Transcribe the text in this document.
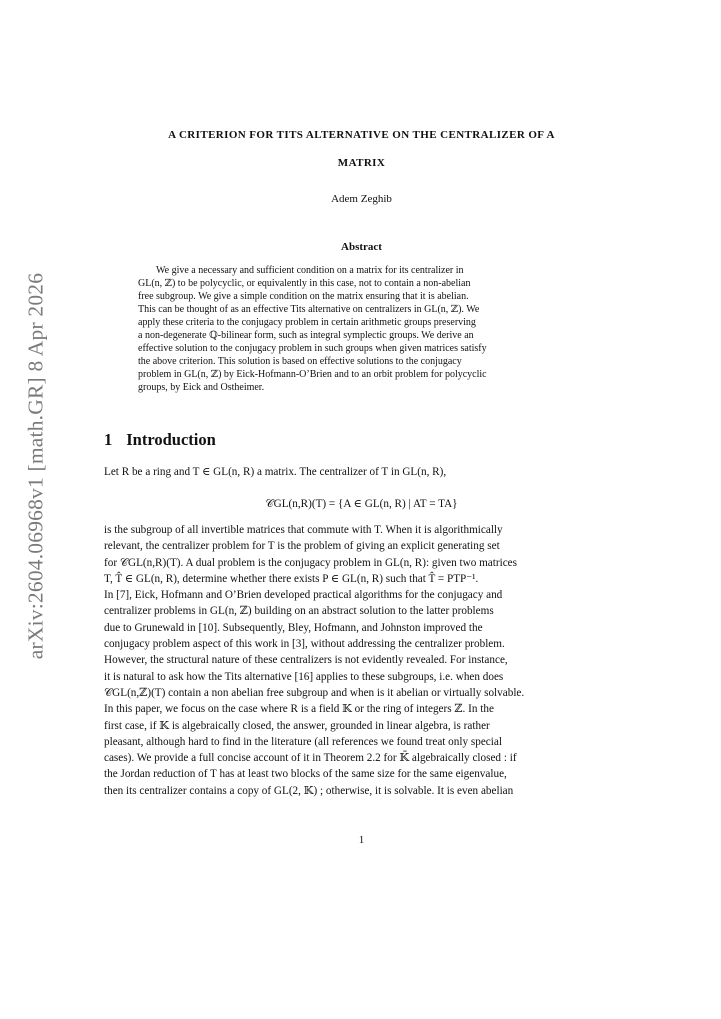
arXiv:2604.06968v1 [math.GR] 8 Apr 2026
A CRITERION FOR TITS ALTERNATIVE ON THE CENTRALIZER OF A
MATRIX
Adem Zeghib
Abstract
We give a necessary and sufficient condition on a matrix for its centralizer in
GL(n, ℤ) to be polycyclic, or equivalently in this case, not to contain a non-abelian
free subgroup. We give a simple condition on the matrix ensuring that it is abelian.
This can be thought of as an effective Tits alternative on centralizers in GL(n, ℤ). We
apply these criteria to the conjugacy problem in certain arithmetic groups preserving
a non-degenerate ℚ-bilinear form, such as integral symplectic groups. We derive an
effective solution to the conjugacy problem in such groups when given matrices satisfy
the above criterion. This solution is based on effective solutions to the conjugacy
problem in GL(n, ℤ) by Eick-Hofmann-O’Brien and to an orbit problem for polycyclic
groups, by Eick and Ostheimer.
1 Introduction
Let R be a ring and T ∈ GL(n, R) a matrix. The centralizer of T in GL(n, R),
𝒞GL(n,R)(T) = {A ∈ GL(n, R) | AT = TA}
is the subgroup of all invertible matrices that commute with T. When it is algorithmically
relevant, the centralizer problem for T is the problem of giving an explicit generating set
for 𝒞GL(n,R)(T). A dual problem is the conjugacy problem in GL(n, R): given two matrices
T, T̂ ∈ GL(n, R), determine whether there exists P ∈ GL(n, R) such that T̂ = PTP⁻¹.
In [7], Eick, Hofmann and O’Brien developed practical algorithms for the conjugacy and
centralizer problems in GL(n, ℤ) building on an abstract solution to the latter problems
due to Grunewald in [10]. Subsequently, Bley, Hofmann, and Johnston improved the
conjugacy problem aspect of this work in [3], without addressing the centralizer problem.
However, the structural nature of these centralizers is not evidently revealed. For instance,
it is natural to ask how the Tits alternative [16] applies to these subgroups, i.e. when does
𝒞GL(n,ℤ)(T) contain a non abelian free subgroup and when is it abelian or virtually solvable.
In this paper, we focus on the case where R is a field 𝕂 or the ring of integers ℤ. In the
first case, if 𝕂 is algebraically closed, the answer, grounded in linear algebra, is rather
pleasant, although hard to find in the literature (all references we found treat only special
cases). We provide a full concise account of it in Theorem 2.2 for 𝕂̄ algebraically closed : if
the Jordan reduction of T has at least two blocks of the same size for the same eigenvalue,
then its centralizer contains a copy of GL(2, 𝕂) ; otherwise, it is solvable. It is even abelian
1
